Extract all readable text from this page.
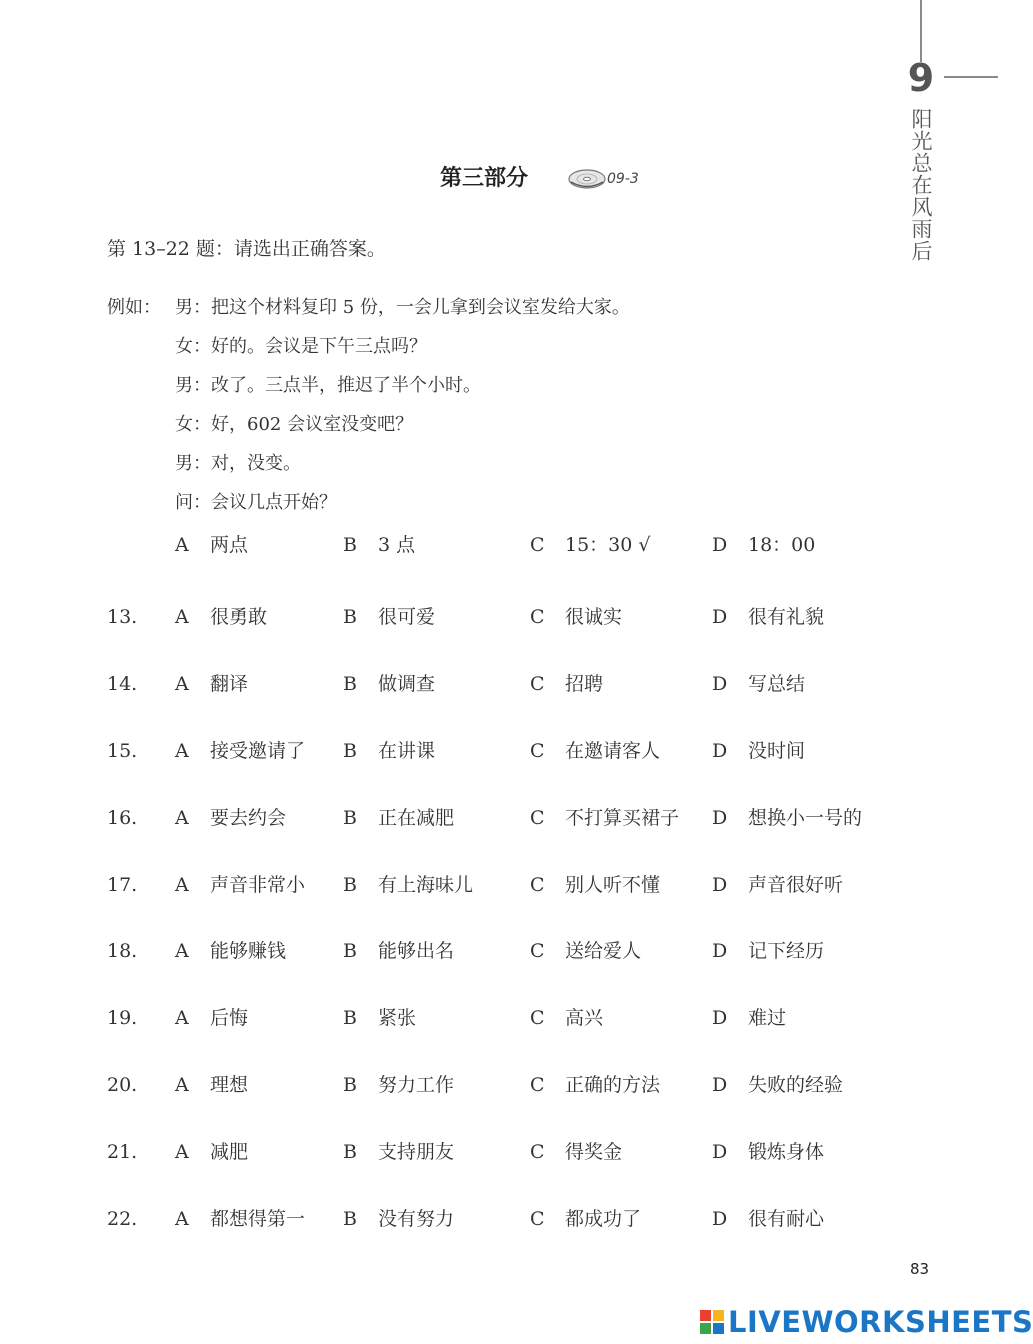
9
阳光总在风雨后
第三部分	09-3
第 13–22 题：请选出正确答案。
例如： 男：把这个材料复印 5 份，一会儿拿到会议室发给大家。
女：好的。会议是下午三点吗？
男：改了。三点半，推迟了半个小时。
女：好，602 会议室没变吧？
男：对，没变。
问：会议几点开始？
A 两点	B 3 点	C 15：30 √	D 18：00
13. A 很勇敢	B 很可爱	C 很诚实	D 很有礼貌
14. A 翻译	B 做调查	C 招聘	D 写总结
15. A 接受邀请了 B 在讲课	C 在邀请客人	D 没时间
16. A 要去约会	B 正在减肥	C 不打算买裙子 D 想换小一号的
17. A 声音非常小 B 有上海味儿	C 别人听不懂	D 声音很好听
18. A 能够赚钱	B 能够出名	C 送给爱人	D 记下经历
19. A 后悔	B 紧张	C 高兴	D 难过
20. A 理想	B 努力工作	C 正确的方法	D 失败的经验
21. A 减肥	B 支持朋友	C 得奖金	D 锻炼身体
22. A 都想得第一 B 没有努力	C 都成功了	D 很有耐心
83
LIVEWORKSHEETS
